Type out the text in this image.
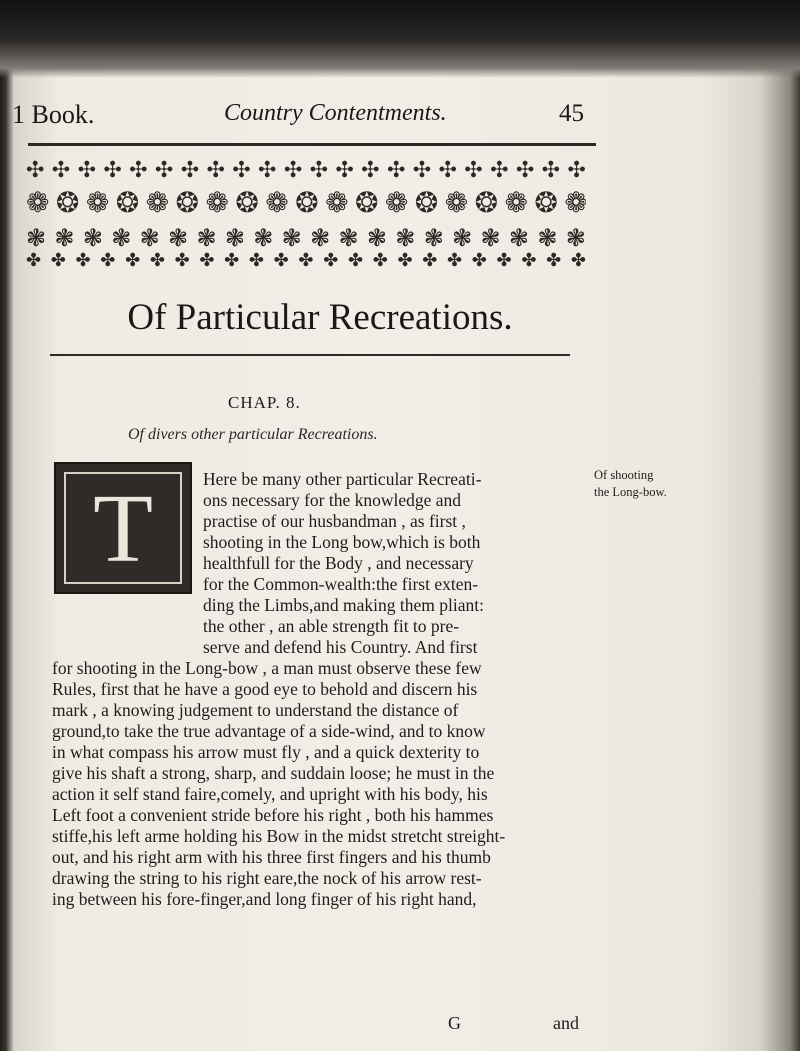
1 Book.	Country Contentments.	45
✣ ✣ ✣ ✣ ✣ ✣ ✣ ✣ ✣ ✣ ✣ ✣ ✣ ✣ ✣ ✣ ✣ ✣ ✣ ✣ ✣ ✣
❁ ❂ ❁ ❂ ❁ ❂ ❁ ❂ ❁ ❂ ❁ ❂ ❁ ❂ ❁ ❂ ❁ ❂ ❁
❃ ❃ ❃ ❃ ❃ ❃ ❃ ❃ ❃ ❃ ❃ ❃ ❃ ❃ ❃ ❃ ❃ ❃ ❃ ❃
✤ ✤ ✤ ✤ ✤ ✤ ✤ ✤ ✤ ✤ ✤ ✤ ✤ ✤ ✤ ✤ ✤ ✤ ✤ ✤ ✤ ✤ ✤
Of Particular Recreations.
CHAP. 8.
Of divers other particular Recreations.
T	Of shooting
the Long-bow.
Here be many other particular Recreati-
ons necessary for the knowledge and
practise of our husbandman , as first ,
shooting in the Long bow,which is both
healthfull for the Body , and necessary
for the Common-wealth:the first exten-
ding the Limbs,and making them pliant:
the other , an able strength fit to pre-
serve and defend his Country. And first
for shooting in the Long-bow , a man must observe these few
Rules, first that he have a good eye to behold and discern his
mark , a knowing judgement to understand the distance of
ground,to take the true advantage of a side-wind, and to know
in what compass his arrow must fly , and a quick dexterity to
give his shaft a strong, sharp, and suddain loose; he must in the
action it self stand faire,comely, and upright with his body, his
Left foot a convenient stride before his right , both his hammes
stiffe,his left arme holding his Bow in the midst stretcht streight-
out, and his right arm with his three first fingers and his thumb
drawing the string to his right eare,the nock of his arrow rest-
ing between his fore-finger,and long finger of his right hand,
G	and
